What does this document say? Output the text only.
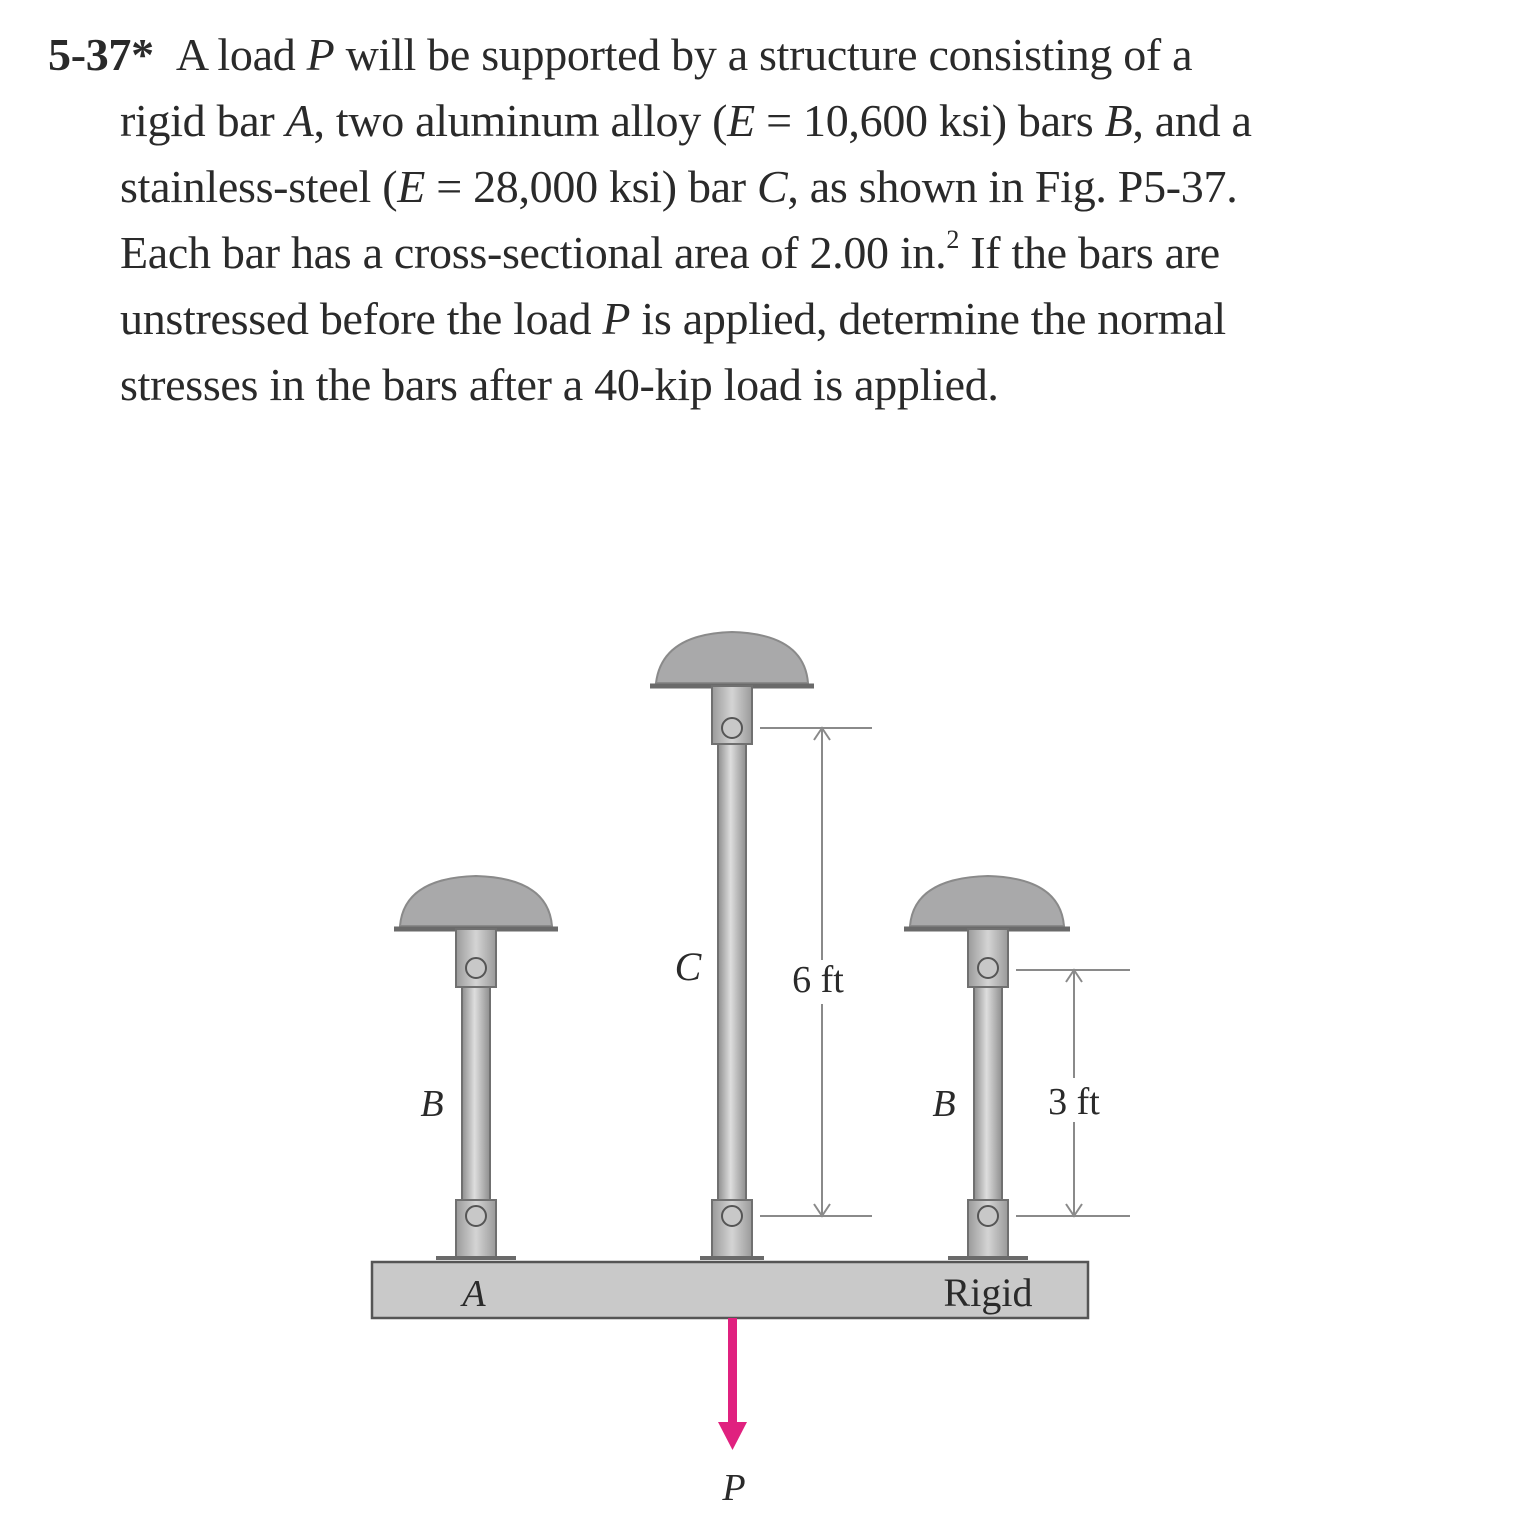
5-37* A load P will be supported by a structure consisting of a
rigid bar A, two aluminum alloy (E = 10,600 ksi) bars B, and a
stainless-steel (E = 28,000 ksi) bar C, as shown in Fig. P5-37.
Each bar has a cross-sectional area of 2.00 in.$^2$ If the bars are
unstressed before the load P is applied, determine the normal
stresses in the bars after a 40-kip load is applied.
C
B	B
A	Rigid
P
6 ft
3 ft
